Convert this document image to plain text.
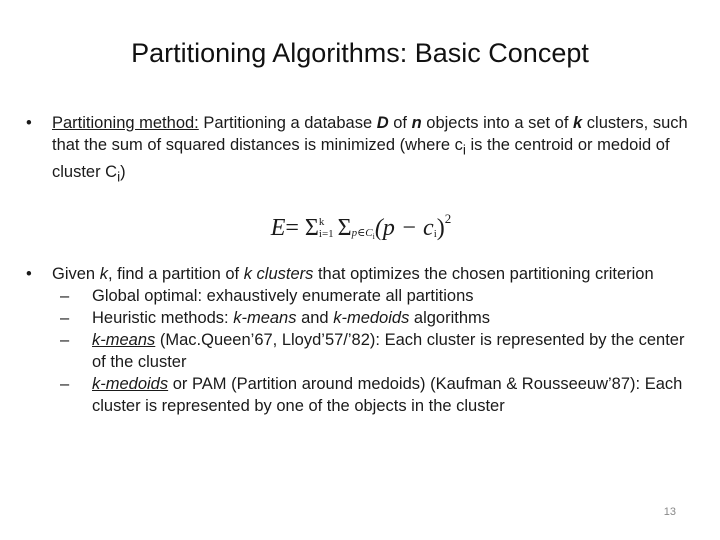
Partitioning Algorithms: Basic Concept
•	Partitioning method: Partitioning a database D of n objects into a set of k clusters, such that the sum of squared distances is minimized (where $c_i$ is the centroid or medoid of cluster $C_i$)
E = Σ k
i=1 Σ $_{p\in C_i}$ ($p - c_i$ )$^2$
•	Given k, find a partition of k clusters that optimizes the chosen partitioning criterion
–	Global optimal: exhaustively enumerate all partitions
–	Heuristic methods: k-means and k-medoids algorithms
–	k-means (Mac.Queen’67, Lloyd’57/’82): Each cluster is represented by the center of the cluster
–	k-medoids or PAM (Partition around medoids) (Kaufman & Rousseeuw’87): Each cluster is represented by one of the objects in the cluster
13
